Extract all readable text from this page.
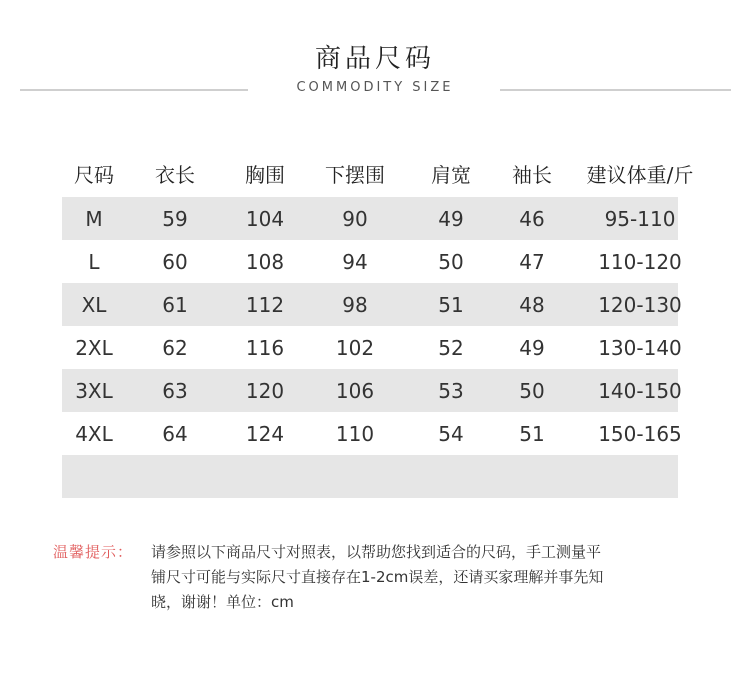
商品尺码
COMMODITY SIZE
尺码	衣长	胸围	下摆围	肩宽	袖长	建议体重/斤
M	59	104	90	49	46	95-110
L	60	108	94	50	47	110-120
XL	61	112	98	51	48	120-130
2XL	62	116	102	52	49	130-140
3XL	63	120	106	53	50	140-150
4XL	64	124	110	54	51	150-165
温馨提示： 请参照以下商品尺寸对照表，以帮助您找到适合的尺码，手工测量平
铺尺寸可能与实际尺寸直接存在1-2cm误差，还请买家理解并事先知
晓，谢谢！单位：cm
